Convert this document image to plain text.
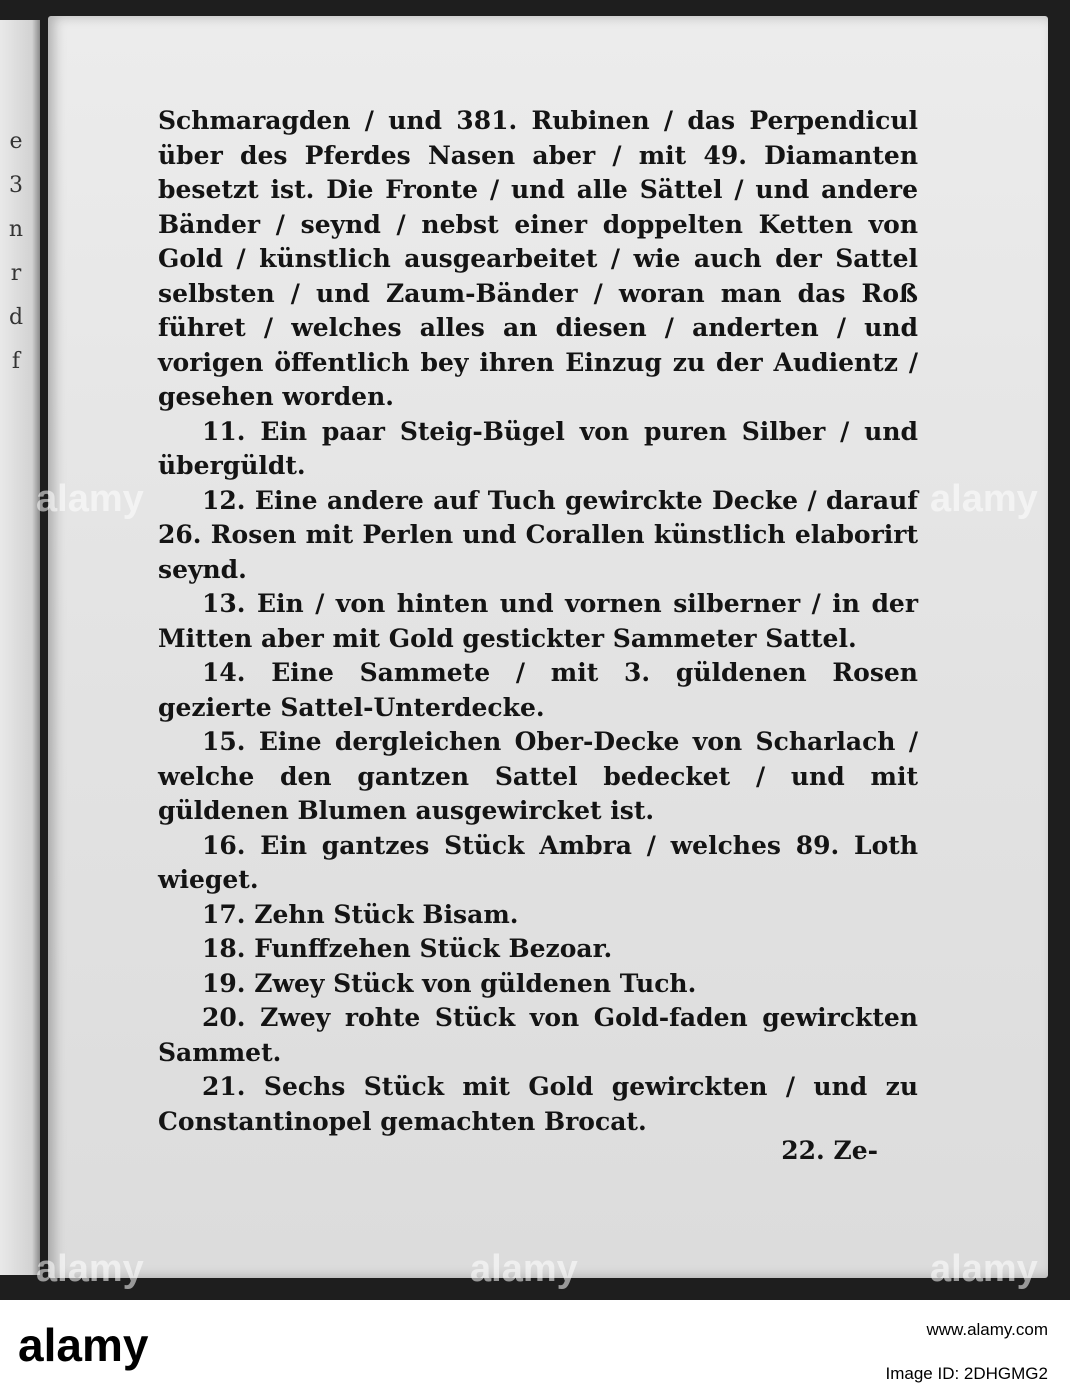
e
3
n
r
d
f

Schmaragden / und 381. Rubinen / das Perpendicul über des Pferdes Nasen aber / mit 49. Diamanten besetzt ist. Die Fronte / und alle Sättel / und andere Bänder / seynd / nebst einer doppelten Ketten von Gold / künstlich ausgearbeitet / wie auch der Sattel selbsten / und Zaum-Bänder / woran man das Roß führet / welches alles an diesen / anderten / und vorigen öffentlich bey ihren Einzug zu der Audientz / gesehen worden.

11. Ein paar Steig-Bügel von puren Silber / und übergüldt.

12. Eine andere auf Tuch gewirckte Decke / darauf 26. Rosen mit Perlen und Corallen künstlich elaborirt seynd.

13. Ein / von hinten und vornen silberner / in der Mitten aber mit Gold gestickter Sammeter Sattel.

14. Eine Sammete / mit 3. güldenen Rosen gezierte Sattel-Unterdecke.

15. Eine dergleichen Ober-Decke von Scharlach / welche den gantzen Sattel bedecket / und mit güldenen Blumen ausgewircket ist.

16. Ein gantzes Stück Ambra / welches 89. Loth wieget.

17. Zehn Stück Bisam.

18. Funffzehen Stück Bezoar.

19. Zwey Stück von güldenen Tuch.

20. Zwey rohte Stück von Gold-faden gewirckten Sammet.

21. Sechs Stück mit Gold gewirckten / und zu Constantinopel gemachten Brocat.

22. Ze-
alamy	alamy
alamy	alamy	alamy
alamy	www.alamy.com
Image ID: 2DHGMG2
